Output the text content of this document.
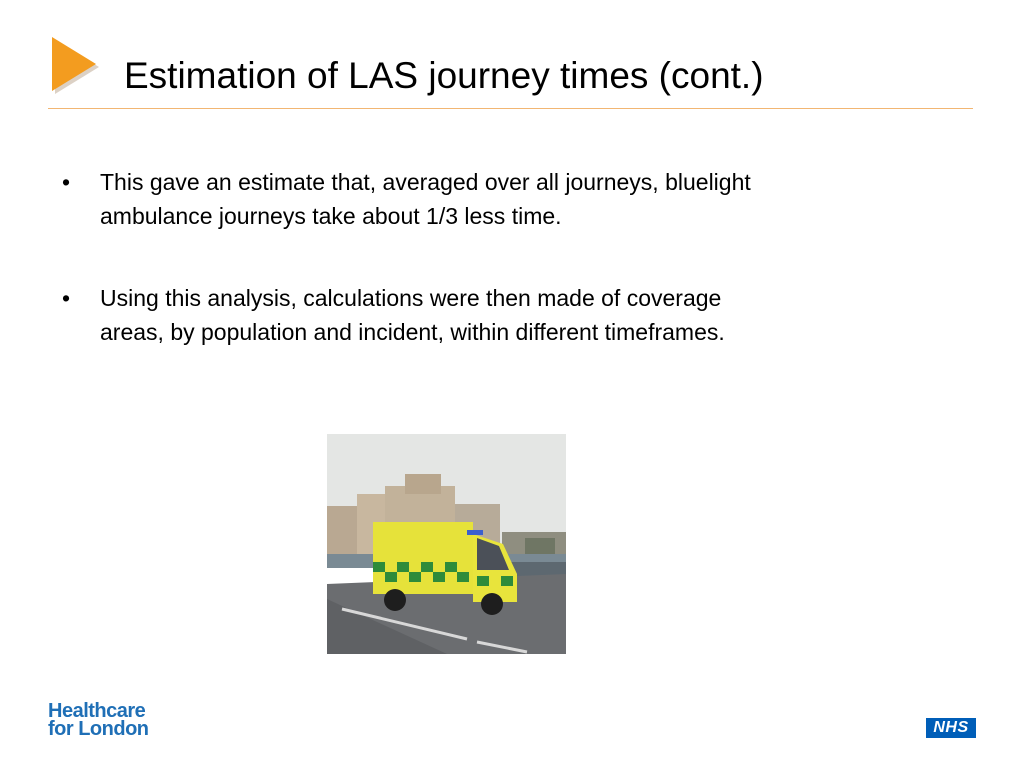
Estimation of LAS journey times (cont.)
• This gave an estimate that, averaged over all journeys, bluelight
ambulance journeys take about 1/3 less time.
• Using this analysis, calculations were then made of coverage
areas, by population and incident, within different timeframes.
Healthcare
for London	NHS
